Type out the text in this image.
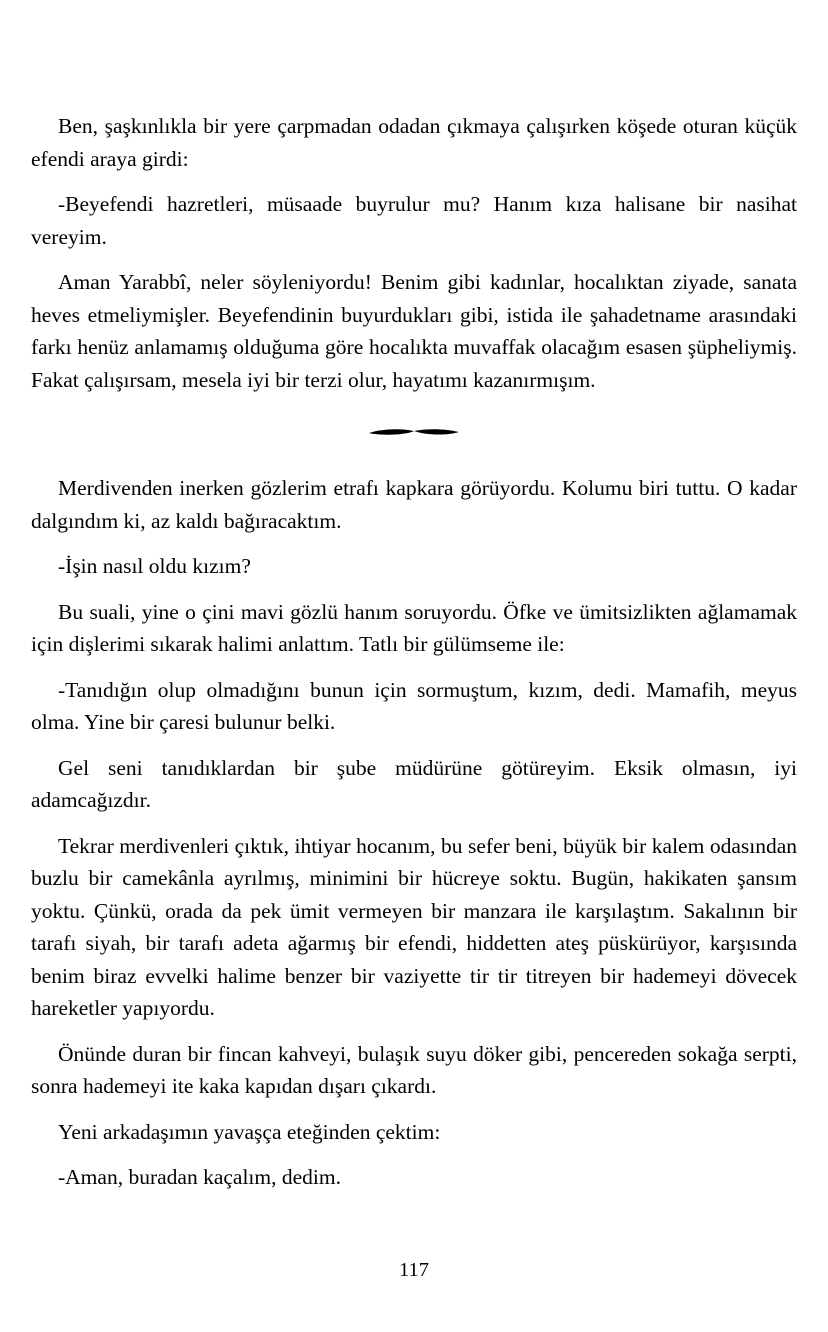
Ben, şaşkınlıkla bir yere çarpmadan odadan çıkmaya çalışırken köşede oturan küçük efendi araya girdi:

-Beyefendi hazretleri, müsaade buyrulur mu? Hanım kıza halisane bir nasihat vereyim.

Aman Yarabbî, neler söyleniyordu! Benim gibi kadınlar, hocalıktan ziyade, sanata heves etmeliymişler. Beyefendinin buyurdukları gibi, istida ile şahadetname arasındaki farkı henüz anlamamış olduğuma göre hocalıkta muvaffak olacağım esasen şüpheliymiş. Fakat çalışırsam, mesela iyi bir terzi olur, hayatımı kazanırmışım.

Merdivenden inerken gözlerim etrafı kapkara görüyordu. Kolumu biri tuttu. O kadar dalgındım ki, az kaldı bağıracaktım.

-İşin nasıl oldu kızım?

Bu suali, yine o çini mavi gözlü hanım soruyordu. Öfke ve ümitsizlikten ağlamamak için dişlerimi sıkarak halimi anlattım. Tatlı bir gülümseme ile:

-Tanıdığın olup olmadığını bunun için sormuştum, kızım, dedi. Mamafih, meyus olma. Yine bir çaresi bulunur belki.

Gel seni tanıdıklardan bir şube müdürüne götüreyim. Eksik olmasın, iyi adamcağızdır.

Tekrar merdivenleri çıktık, ihtiyar hocanım, bu sefer beni, büyük bir kalem odasından buzlu bir camekânla ayrılmış, minimini bir hücreye soktu. Bugün, hakikaten şansım yoktu. Çünkü, orada da pek ümit vermeyen bir manzara ile karşılaştım. Sakalının bir tarafı siyah, bir tarafı adeta ağarmış bir efendi, hiddetten ateş püskürüyor, karşısında benim biraz evvelki halime benzer bir vaziyette tir tir titreyen bir hademeyi dövecek hareketler yapıyordu.

Önünde duran bir fincan kahveyi, bulaşık suyu döker gibi, pencereden sokağa serpti, sonra hademeyi ite kaka kapıdan dışarı çıkardı.

Yeni arkadaşımın yavaşça eteğinden çektim:

-Aman, buradan kaçalım, dedim.

117
